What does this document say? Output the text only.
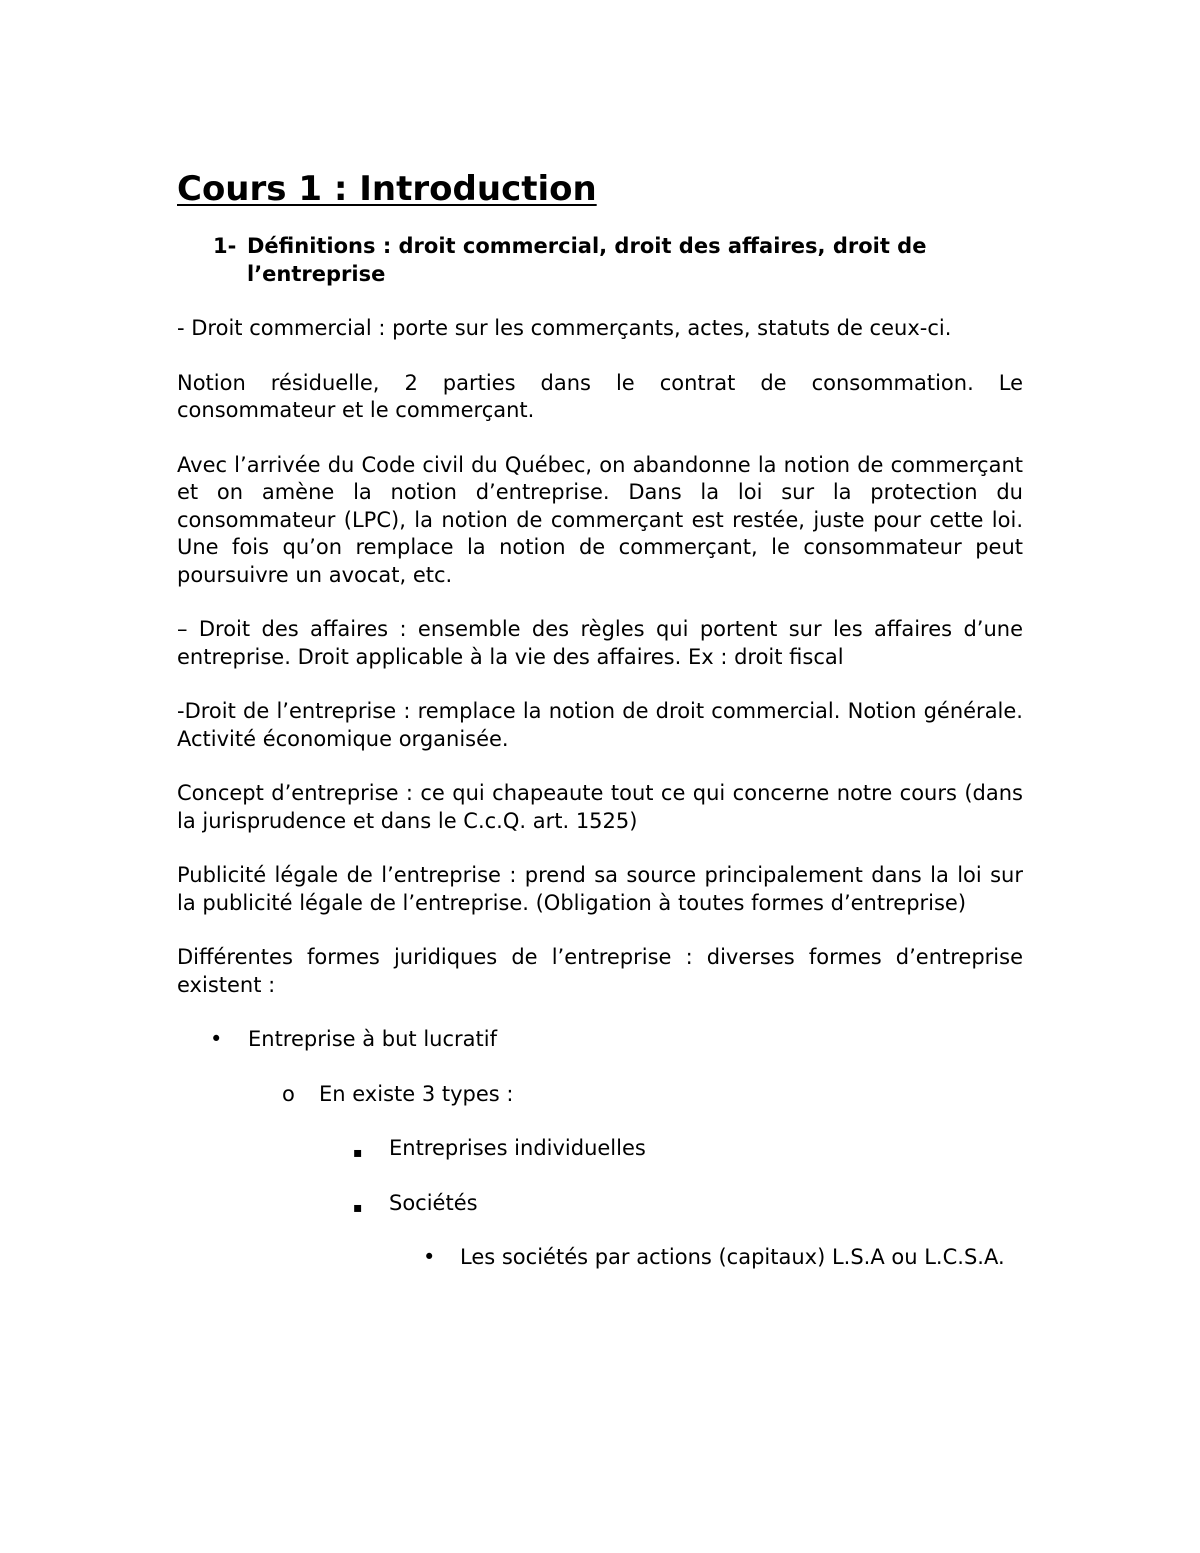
Cours 1 : Introduction
1- Définitions : droit commercial, droit des affaires, droit de l’entreprise

- Droit commercial : porte sur les commerçants, actes, statuts de ceux-ci.

Notion résiduelle, 2 parties dans le contrat de consommation. Le consommateur et le commerçant.

Avec l’arrivée du Code civil du Québec, on abandonne la notion de commerçant et on amène la notion d’entreprise. Dans la loi sur la protection du consommateur (LPC), la notion de commerçant est restée, juste pour cette loi. Une fois qu’on remplace la notion de commerçant, le consommateur peut poursuivre un avocat, etc.

– Droit des affaires : ensemble des règles qui portent sur les affaires d’une entreprise. Droit applicable à la vie des affaires. Ex : droit fiscal

-Droit de l’entreprise : remplace la notion de droit commercial. Notion générale. Activité économique organisée.

Concept d’entreprise : ce qui chapeaute tout ce qui concerne notre cours (dans la jurisprudence et dans le C.c.Q. art. 1525)

Publicité légale de l’entreprise : prend sa source principalement dans la loi sur la publicité légale de l’entreprise. (Obligation à toutes formes d’entreprise)

Différentes formes juridiques de l’entreprise : diverses formes d’entreprise existent :

• Entreprise à but lucratif
o En existe 3 types :
▪ Entreprises individuelles
▪ Sociétés
• Les sociétés par actions (capitaux) L.S.A ou L.C.S.A.
